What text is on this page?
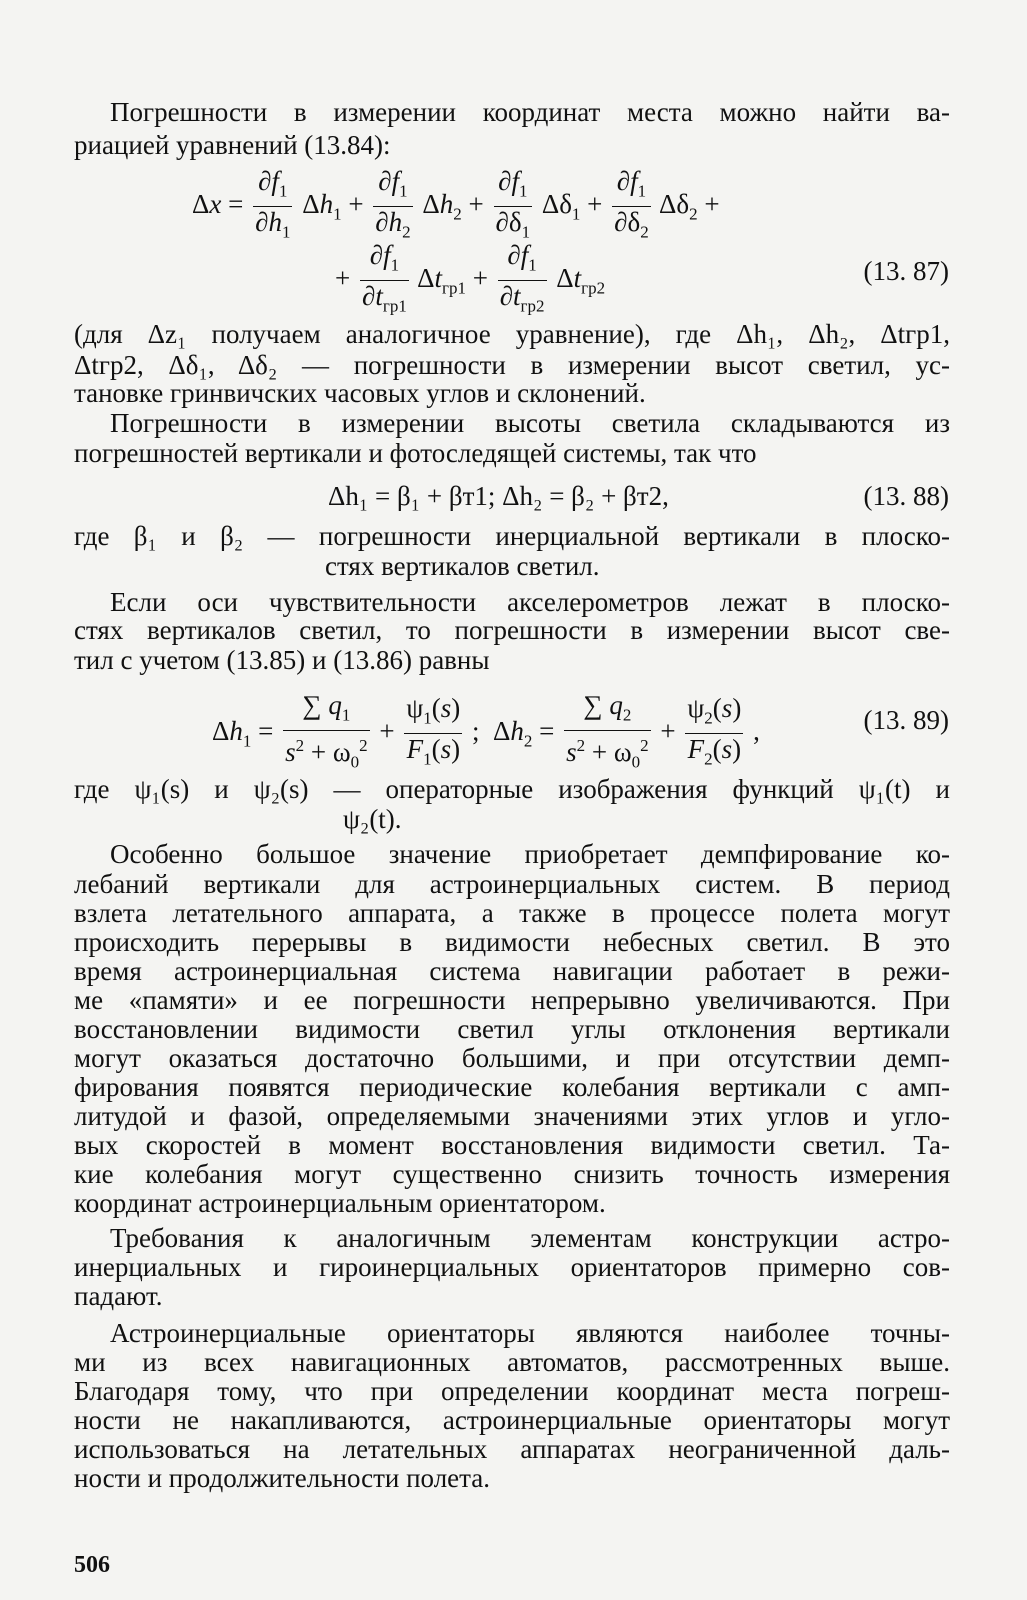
Погрешности в измерении координат места можно найти ва-
риацией уравнений (13.84):
$\Delta x = \frac{\partial f_1}{\partial h_1} \Delta h_1 + \frac{\partial f_1}{\partial h_2} \Delta h_2 + \frac{\partial f_1}{\partial\delta_1} \Delta\delta_1 + \frac{\partial f_1}{\partial\delta_2} \Delta\delta_2$ +
+ $\frac{\partial f_1}{\partial t_{гр1}} \Delta t_{гр1} + \frac{\partial f_1}{\partial t_{гр2}} \Delta t_{гр2}$
(13. 87)
(для Δz₁ получаем аналогичное уравнение), где Δh₁, Δh₂, Δtгр1,
Δtгр2, Δδ₁, Δδ₂ — погрешности в измерении высот светил, ус-
тановке гринвичских часовых углов и склонений.
Погрешности в измерении высоты светила складываются из
погрешностей вертикали и фотоследящей системы, так что
Δh₁ = β₁ + βт1; Δh₂ = β₂ + βт2,	(13. 88)
где β₁ и β₂ — погрешности инерциальной вертикали в плоско-
стях вертикалов светил.
Если оси чувствительности акселерометров лежат в плоско-
стях вертикалов светил, то погрешности в измерении высот све-
тил с учетом (13.85) и (13.86) равны
$\Delta h_1 = \frac{\sum q_1}{s^2 + \omega_0^2} + \frac{\psi_1(s)}{F_1(s)}$ ;  $\Delta h_2 = \frac{\sum q_2}{s^2 + \omega_0^2} + \frac{\psi_2(s)}{F_2(s)}$ ,	(13. 89)
где ψ₁(s) и ψ₂(s) — операторные изображения функций ψ₁(t) и
ψ₂(t).
Особенно большое значение приобретает демпфирование ко-
лебаний вертикали для астроинерциальных систем. В период
взлета летательного аппарата, а также в процессе полета могут
происходить перерывы в видимости небесных светил. В это
время астроинерциальная система навигации работает в режи-
ме «памяти» и ее погрешности непрерывно увеличиваются. При
восстановлении видимости светил углы отклонения вертикали
могут оказаться достаточно большими, и при отсутствии демп-
фирования появятся периодические колебания вертикали с амп-
литудой и фазой, определяемыми значениями этих углов и угло-
вых скоростей в момент восстановления видимости светил. Та-
кие колебания могут существенно снизить точность измерения
координат астроинерциальным ориентатором.
Требования к аналогичным элементам конструкции астро-
инерциальных и гироинерциальных ориентаторов примерно сов-
падают.
Астроинерциальные ориентаторы являются наиболее точны-
ми из всех навигационных автоматов, рассмотренных выше.
Благодаря тому, что при определении координат места погреш-
ности не накапливаются, астроинерциальные ориентаторы могут
использоваться на летательных аппаратах неограниченной даль-
ности и продолжительности полета.
506
